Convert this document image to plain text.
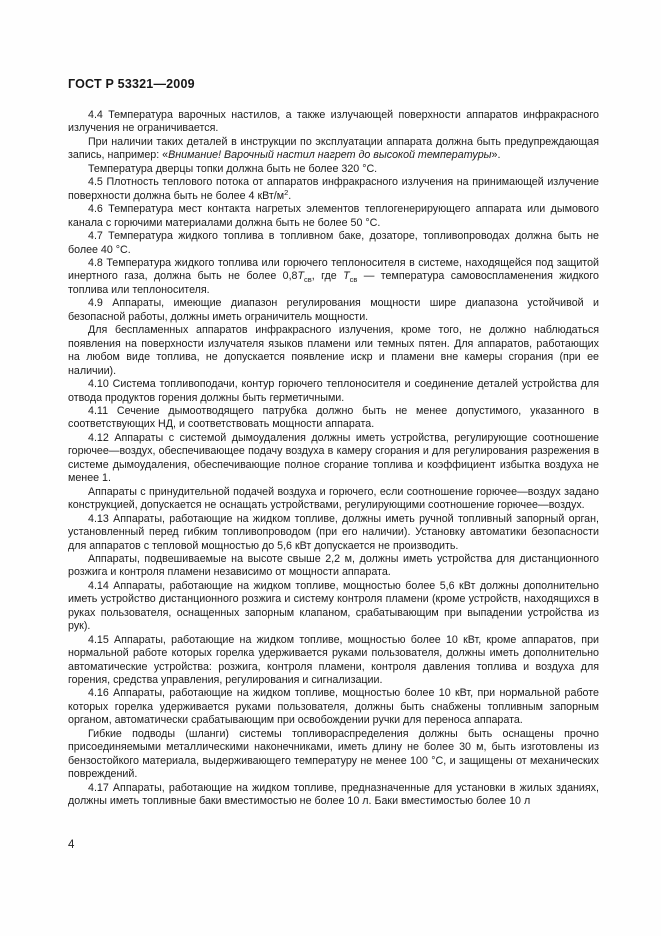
ГОСТ Р 53321—2009

4.4 Температура варочных настилов, а также излучающей поверхности аппаратов инфракрасного излучения не ограничивается.

При наличии таких деталей в инструкции по эксплуатации аппарата должна быть предупреждающая запись, например: «Внимание! Варочный настил нагрет до высокой температуры».

Температура дверцы топки должна быть не более 320 °С.

4.5 Плотность теплового потока от аппаратов инфракрасного излучения на принимающей излучение поверхности должна быть не более 4 кВт/$м^2$.

4.6 Температура мест контакта нагретых элементов теплогенерирующего аппарата или дымового канала с горючими материалами должна быть не более 50 °С.

4.7 Температура жидкого топлива в топливном баке, дозаторе, топливопроводах должна быть не более 40 °С.

4.8 Температура жидкого топлива или горючего теплоносителя в системе, находящейся под защитой инертного газа, должна быть не более $0,8T_{св}$, где $T_{св}$ — температура самовоспламенения жидкого топлива или теплоносителя.

4.9 Аппараты, имеющие диапазон регулирования мощности шире диапазона устойчивой и безопасной работы, должны иметь ограничитель мощности.

Для беспламенных аппаратов инфракрасного излучения, кроме того, не должно наблюдаться появления на поверхности излучателя языков пламени или темных пятен. Для аппаратов, работающих на любом виде топлива, не допускается появление искр и пламени вне камеры сгорания (при ее наличии).

4.10 Система топливоподачи, контур горючего теплоносителя и соединение деталей устройства для отвода продуктов горения должны быть герметичными.

4.11 Сечение дымоотводящего патрубка должно быть не менее допустимого, указанного в соответствующих НД, и соответствовать мощности аппарата.

4.12 Аппараты с системой дымоудаления должны иметь устройства, регулирующие соотношение горючее—воздух, обеспечивающее подачу воздуха в камеру сгорания и для регулирования разрежения в системе дымоудаления, обеспечивающие полное сгорание топлива и коэффициент избытка воздуха не менее 1.

Аппараты с принудительной подачей воздуха и горючего, если соотношение горючее—воздух задано конструкцией, допускается не оснащать устройствами, регулирующими соотношение горючее—воздух.

4.13 Аппараты, работающие на жидком топливе, должны иметь ручной топливный запорный орган, установленный перед гибким топливопроводом (при его наличии). Установку автоматики безопасности для аппаратов с тепловой мощностью до 5,6 кВт допускается не производить.

Аппараты, подвешиваемые на высоте свыше 2,2 м, должны иметь устройства для дистанционного розжига и контроля пламени независимо от мощности аппарата.

4.14 Аппараты, работающие на жидком топливе, мощностью более 5,6 кВт должны дополнительно иметь устройство дистанционного розжига и систему контроля пламени (кроме устройств, находящихся в руках пользователя, оснащенных запорным клапаном, срабатывающим при выпадении устройства из рук).

4.15 Аппараты, работающие на жидком топливе, мощностью более 10 кВт, кроме аппаратов, при нормальной работе которых горелка удерживается руками пользователя, должны иметь дополнительно автоматические устройства: розжига, контроля пламени, контроля давления топлива и воздуха для горения, средства управления, регулирования и сигнализации.

4.16 Аппараты, работающие на жидком топливе, мощностью более 10 кВт, при нормальной работе которых горелка удерживается руками пользователя, должны быть снабжены топливным запорным органом, автоматически срабатывающим при освобождении ручки для переноса аппарата.

Гибкие подводы (шланги) системы топливораспределения должны быть оснащены прочно присоединяемыми металлическими наконечниками, иметь длину не более 30 м, быть изготовлены из бензостойкого материала, выдерживающего температуру не менее 100 °С, и защищены от механических повреждений.

4.17 Аппараты, работающие на жидком топливе, предназначенные для установки в жилых зданиях, должны иметь топливные баки вместимостью не более 10 л. Баки вместимостью более 10 л

4
